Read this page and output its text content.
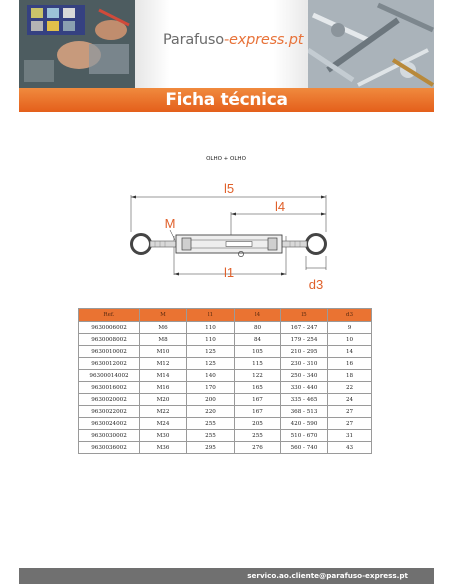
Parafuso-express.pt
Ficha técnica
OLHO + OLHO
l5
l4
M
l1
d3
Ref.	M	l1	l4	l5	d3
9630006002	M6	110	80	167 - 247	9
9630008002	M8	110	84	179 - 254	10
9630010002	M10	125	105	210 - 295	14
9630012002	M12	125	115	230 - 310	16
96300014002	M14	140	122	250 - 340	18
9630016002	M16	170	165	330 - 440	22
9630020002	M20	200	167	335 - 465	24
9630022002	M22	220	167	368 - 513	27
9630024002	M24	255	205	420 - 590	27
9630030002	M30	255	255	510 - 670	31
9630036002	M36	295	276	560 - 740	43
servico.ao.cliente@parafuso-express.pt
